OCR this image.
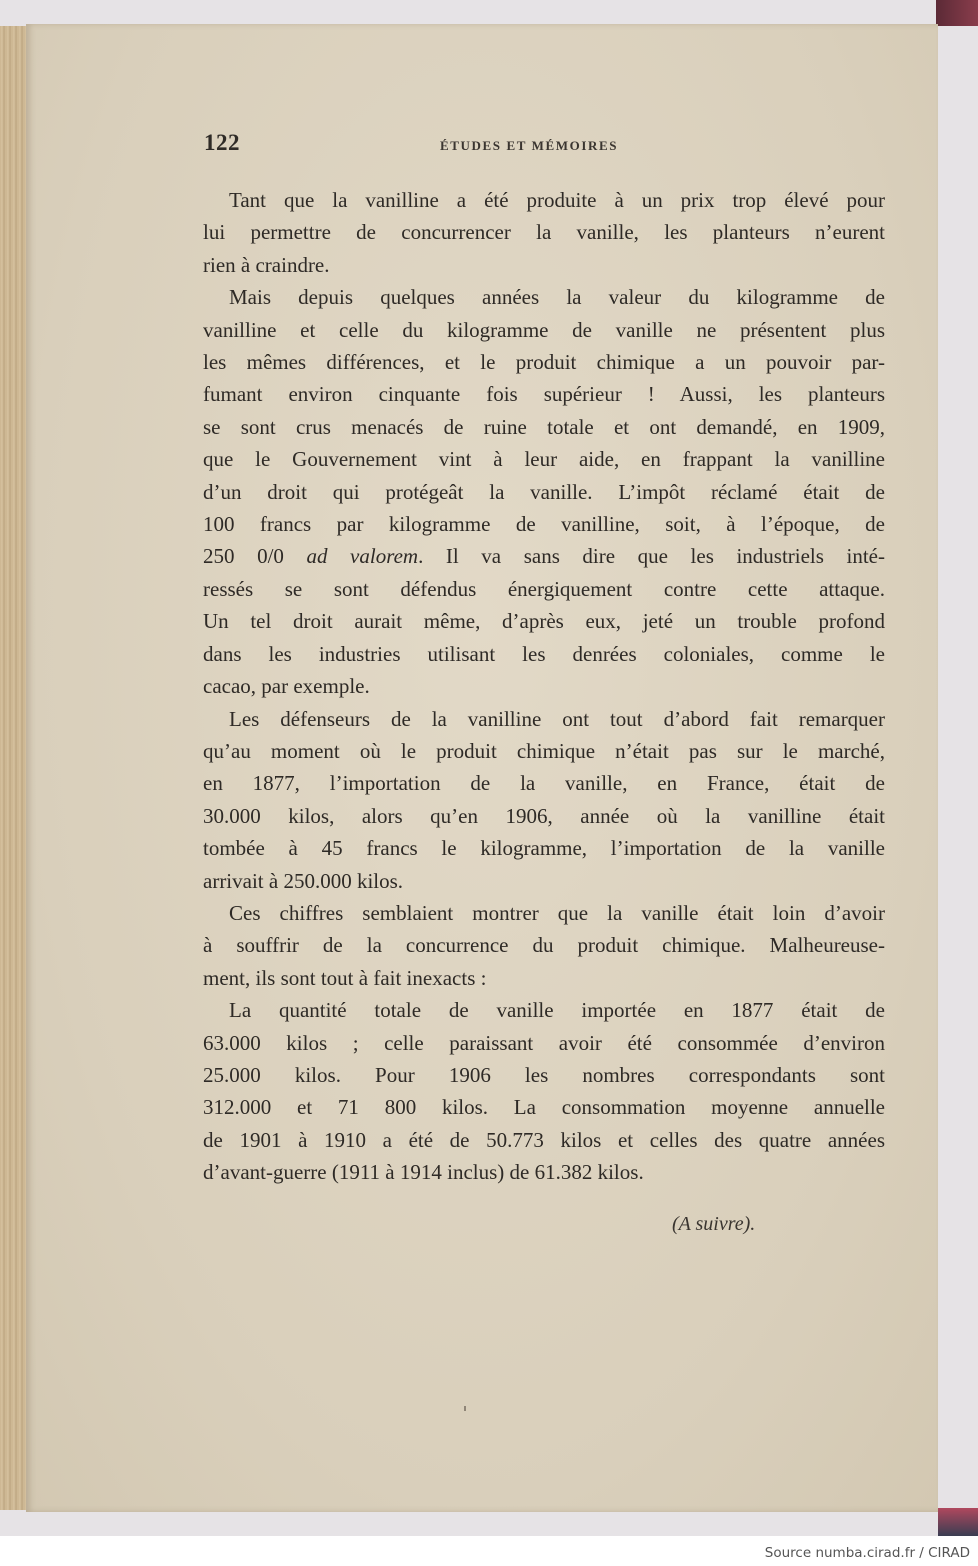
122	ÉTUDES ET MÉMOIRES

Tant que la vanilline a été produite à un prix trop élevé pour
lui permettre de concurrencer la vanille, les planteurs n’eurent
rien à craindre.

Mais depuis quelques années la valeur du kilogramme de
vanilline et celle du kilogramme de vanille ne présentent plus
les mêmes différences, et le produit chimique a un pouvoir par-
fumant environ cinquante fois supérieur ! Aussi, les planteurs
se sont crus menacés de ruine totale et ont demandé, en 1909,
que le Gouvernement vint à leur aide, en frappant la vanilline
d’un droit qui protégeât la vanille. L’impôt réclamé était de
100 francs par kilogramme de vanilline, soit, à l’époque, de
250 0/0 ad valorem. Il va sans dire que les industriels inté-
ressés se sont défendus énergiquement contre cette attaque.
Un tel droit aurait même, d’après eux, jeté un trouble profond
dans les industries utilisant les denrées coloniales, comme le
cacao, par exemple.

Les défenseurs de la vanilline ont tout d’abord fait remarquer
qu’au moment où le produit chimique n’était pas sur le marché,
en 1877, l’importation de la vanille, en France, était de
30.000 kilos, alors qu’en 1906, année où la vanilline était
tombée à 45 francs le kilogramme, l’importation de la vanille
arrivait à 250.000 kilos.

Ces chiffres semblaient montrer que la vanille était loin d’avoir
à souffrir de la concurrence du produit chimique. Malheureuse-
ment, ils sont tout à fait inexacts :

La quantité totale de vanille importée en 1877 était de
63.000 kilos ; celle paraissant avoir été consommée d’environ
25.000 kilos. Pour 1906 les nombres correspondants sont
312.000 et 71 800 kilos. La consommation moyenne annuelle
de 1901 à 1910 a été de 50.773 kilos et celles des quatre années
d’avant-guerre (1911 à 1914 inclus) de 61.382 kilos.

(A suivre).
Source numba.cirad.fr / CIRAD
